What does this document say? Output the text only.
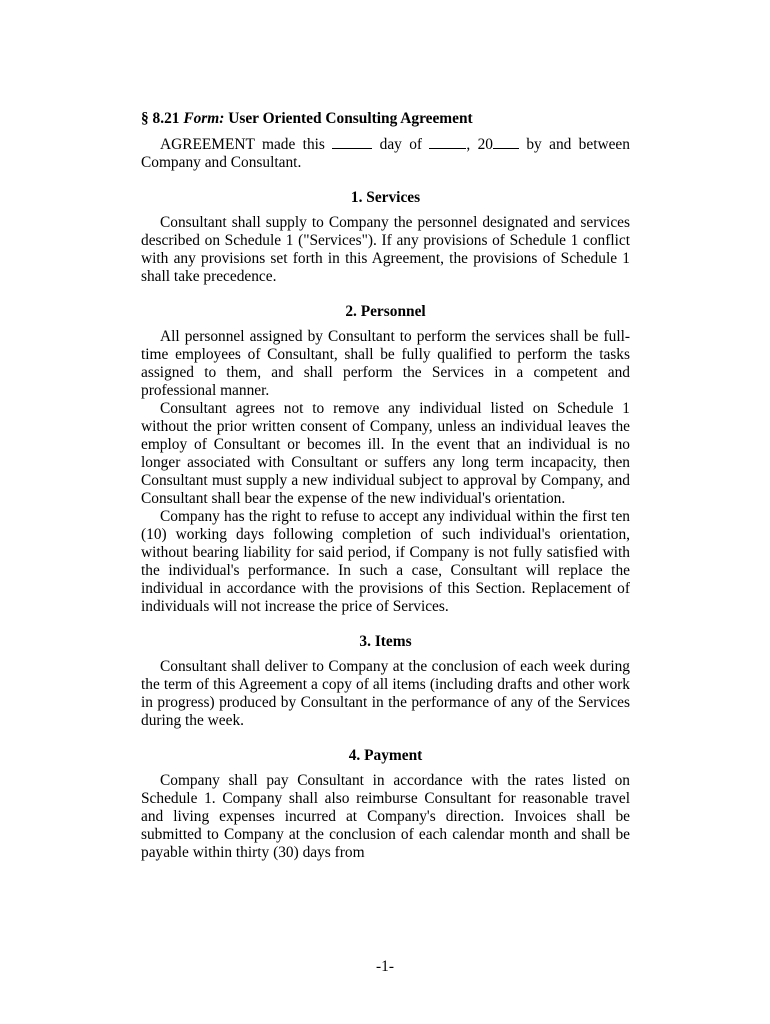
§ 8.21 Form: User Oriented Consulting Agreement

AGREEMENT made this	day of	, 20 by and between Company and Consultant.

1. Services

Consultant shall supply to Company the personnel designated and services described on Schedule 1 ("Services"). If any provisions of Schedule 1 conflict with any provisions set forth in this Agreement, the provisions of Schedule 1 shall take precedence.

2. Personnel

All personnel assigned by Consultant to perform the services shall be full-time employees of Consultant, shall be fully qualified to perform the tasks assigned to them, and shall perform the Services in a competent and professional manner.

Consultant agrees not to remove any individual listed on Schedule 1 without the prior written consent of Company, unless an individual leaves the employ of Consultant or becomes ill. In the event that an individual is no longer associated with Consultant or suffers any long term incapacity, then Consultant must supply a new individual subject to approval by Company, and Consultant shall bear the expense of the new individual's orientation.

Company has the right to refuse to accept any individual within the first ten (10) working days following completion of such individual's orientation, without bearing liability for said period, if Company is not fully satisfied with the individual's performance. In such a case, Consultant will replace the individual in accordance with the provisions of this Section. Replacement of individuals will not increase the price of Services.

3. Items

Consultant shall deliver to Company at the conclusion of each week during the term of this Agreement a copy of all items (including drafts and other work in progress) produced by Consultant in the performance of any of the Services during the week.

4. Payment

Company shall pay Consultant in accordance with the rates listed on Schedule 1. Company shall also reimburse Consultant for reasonable travel and living expenses incurred at Company's direction. Invoices shall be submitted to Company at the conclusion of each calendar month and shall be payable within thirty (30) days from

-1-
